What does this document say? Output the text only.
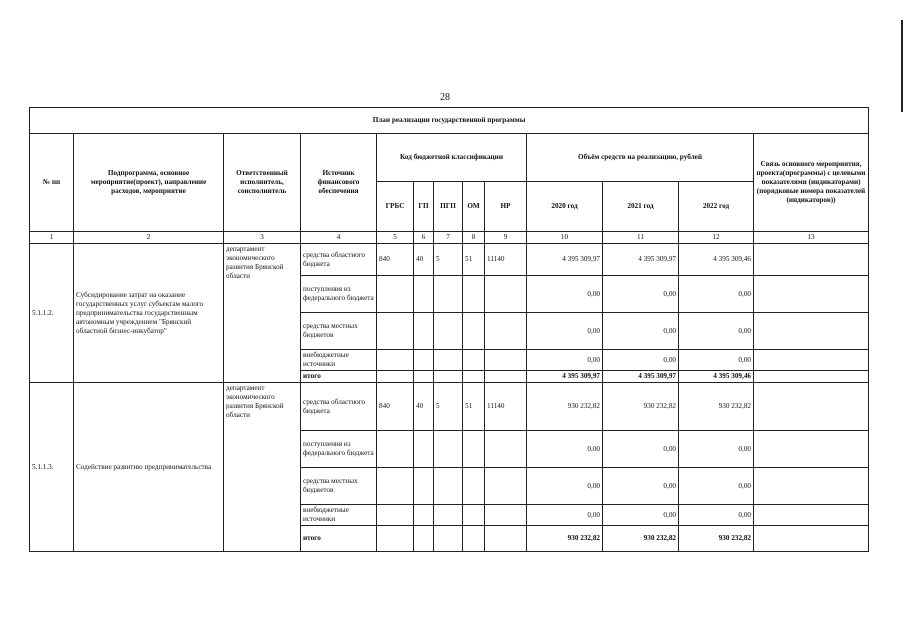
28
План реализации государственной программы												
№ пп	Подпрограмма, основное мероприятие(проект), направление расходов, мероприятие	Ответственный исполнитель, соисполнитель	Источник финансового обеспечения	Код бюджетной классификации					Объём средств на реализацию, рублей			Связь основного мероприятия, проекта(программы) с целевыми показателями (индикаторами) (порядковые номера показателей (индикаторов))
				ГРБС	ГП	ПГП	ОМ	НР	2020 год	2021 год	2022 год	
1	2	3	4	5	6	7	8	9	10	11	12	13
5.1.1.2.	Субсидирование затрат на оказание государственных услуг субъектам малого предпринимательства государственным автономным учреждением "Брянский областной бизнес-инкубатор"	департамент экономического развития Брянской области	средства областного бюджета	840	40	5	51	11140	4 395 309,97	4 395 309,97	4 395 309,46	
			поступления из федерального бюджета						0,00	0,00	0,00	
			средства местных бюджетов						0,00	0,00	0,00	
			внебюджетные источники						0,00	0,00	0,00	
			итого						4 395 309,97	4 395 309,97	4 395 309,46	
5.1.1.3.	Содействие развитию предпринимательства	департамент экономического развития Брянской области	средства областного бюджета	840	40	5	51	11140	930 232,82	930 232,82	930 232,82	
			поступления из федерального бюджета						0,00	0,00	0,00	
			средства местных бюджетов						0,00	0,00	0,00	
			внебюджетные источники						0,00	0,00	0,00	
			итого						930 232,82	930 232,82	930 232,82	
